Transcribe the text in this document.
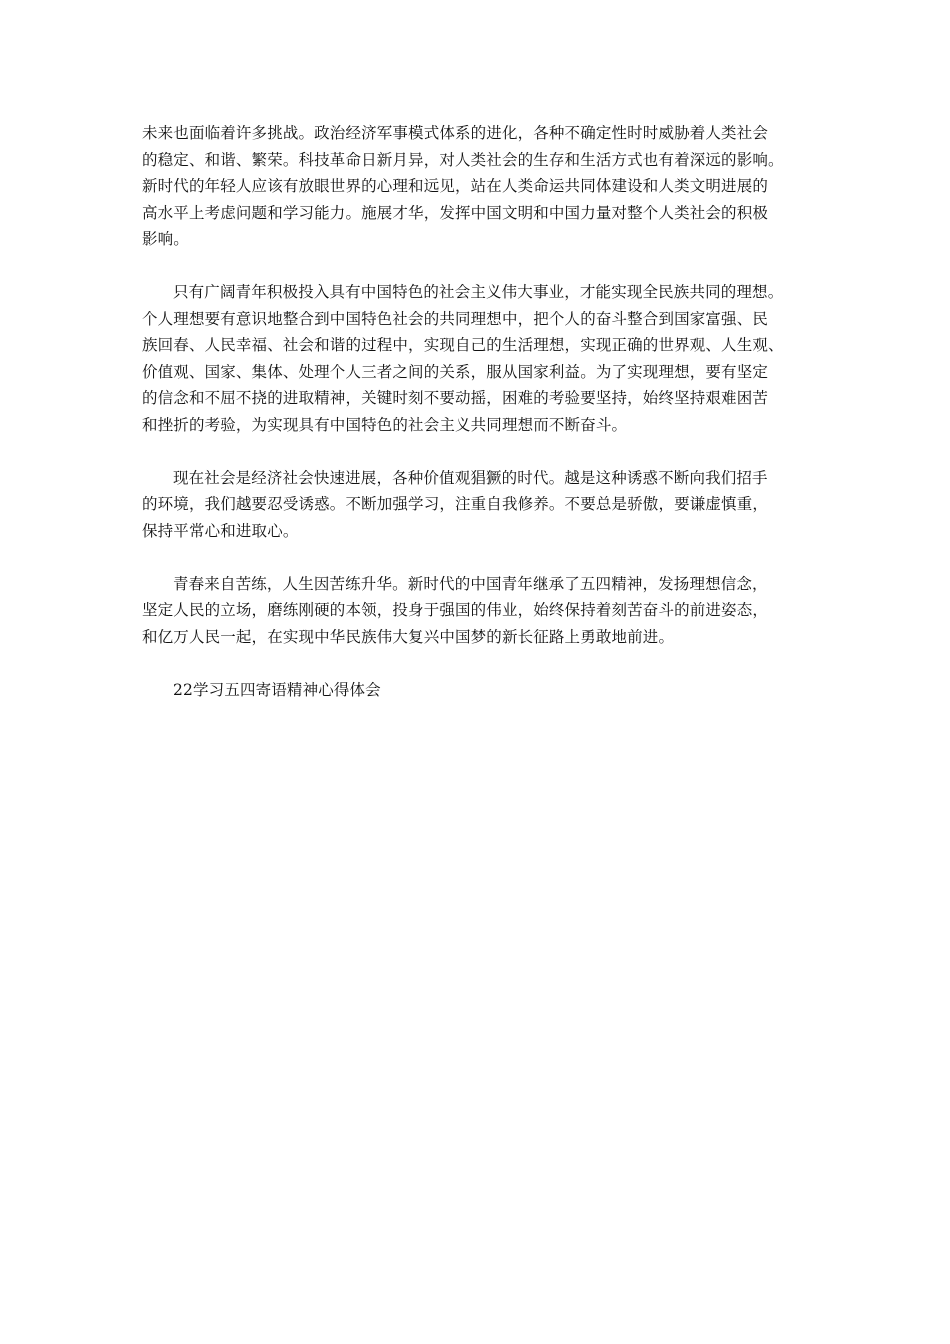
未来也面临着许多挑战。政治经济军事模式体系的进化，各种不确定性时时威胁着人类社会
的稳定、和谐、繁荣。科技革命日新月异，对人类社会的生存和生活方式也有着深远的影响。
新时代的年轻人应该有放眼世界的心理和远见，站在人类命运共同体建设和人类文明进展的
高水平上考虑问题和学习能力。施展才华，发挥中国文明和中国力量对整个人类社会的积极
影响。
只有广阔青年积极投入具有中国特色的社会主义伟大事业，才能实现全民族共同的理想。
个人理想要有意识地整合到中国特色社会的共同理想中，把个人的奋斗整合到国家富强、民
族回春、人民幸福、社会和谐的过程中，实现自己的生活理想，实现正确的世界观、人生观、
价值观、国家、集体、处理个人三者之间的关系，服从国家利益。为了实现理想，要有坚定
的信念和不屈不挠的进取精神，关键时刻不要动摇，困难的考验要坚持，始终坚持艰难困苦
和挫折的考验，为实现具有中国特色的社会主义共同理想而不断奋斗。
现在社会是经济社会快速进展，各种价值观猖獗的时代。越是这种诱惑不断向我们招手
的环境，我们越要忍受诱惑。不断加强学习，注重自我修养。不要总是骄傲，要谦虚慎重，
保持平常心和进取心。
青春来自苦练，人生因苦练升华。新时代的中国青年继承了五四精神，发扬理想信念，
坚定人民的立场，磨练刚硬的本领，投身于强国的伟业，始终保持着刻苦奋斗的前进姿态，
和亿万人民一起，在实现中华民族伟大复兴中国梦的新长征路上勇敢地前进。
22学习五四寄语精神心得体会
